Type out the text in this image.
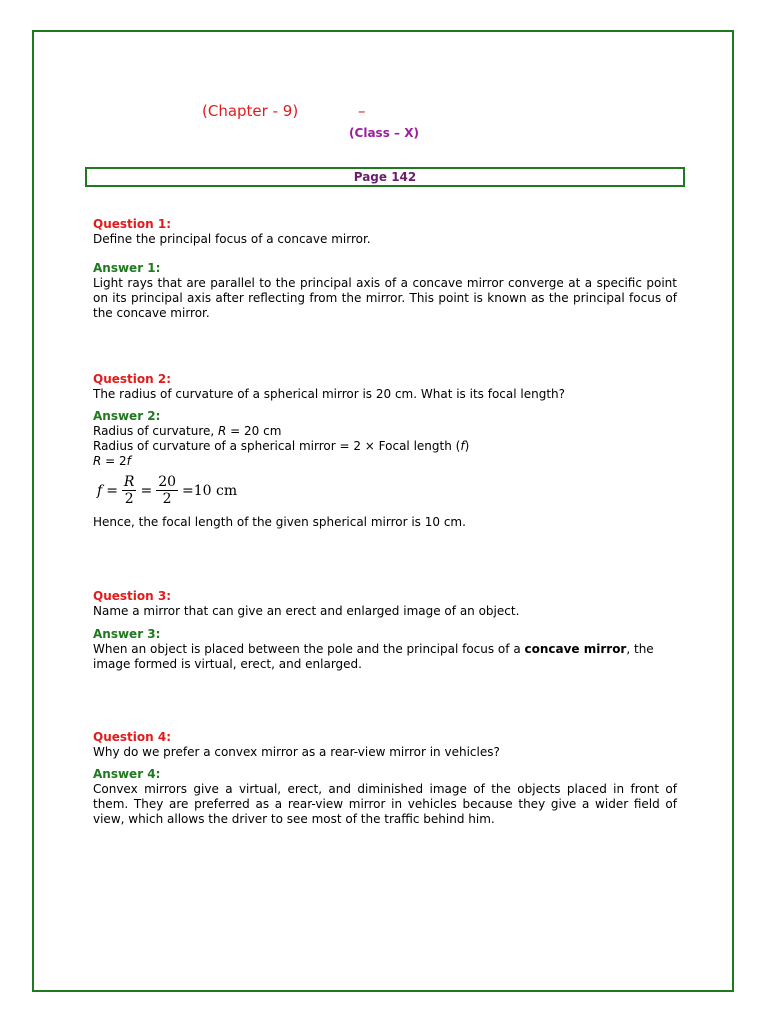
(Chapter - 9)	–
(Class – X)
Page 142
Question 1:
Define the principal focus of a concave mirror.
Answer 1:
Light rays that are parallel to the principal axis of a concave mirror converge at a specific point on its principal axis after reflecting from the mirror. This point is known as the principal focus of the concave mirror.
Question 2:
The radius of curvature of a spherical mirror is 20 cm. What is its focal length?
Answer 2:
Radius of curvature, R = 20 cm
Radius of curvature of a spherical mirror = 2 × Focal length (f)
R = 2f
$f = \frac{R}{2} = \frac{20}{2} =10$ cm
Hence, the focal length of the given spherical mirror is 10 cm.
Question 3:
Name a mirror that can give an erect and enlarged image of an object.
Answer 3:
When an object is placed between the pole and the principal focus of a concave mirror, the image formed is virtual, erect, and enlarged.
Question 4:
Why do we prefer a convex mirror as a rear-view mirror in vehicles?
Answer 4:
Convex mirrors give a virtual, erect, and diminished image of the objects placed in front of them. They are preferred as a rear-view mirror in vehicles because they give a wider field of view, which allows the driver to see most of the traffic behind him.
